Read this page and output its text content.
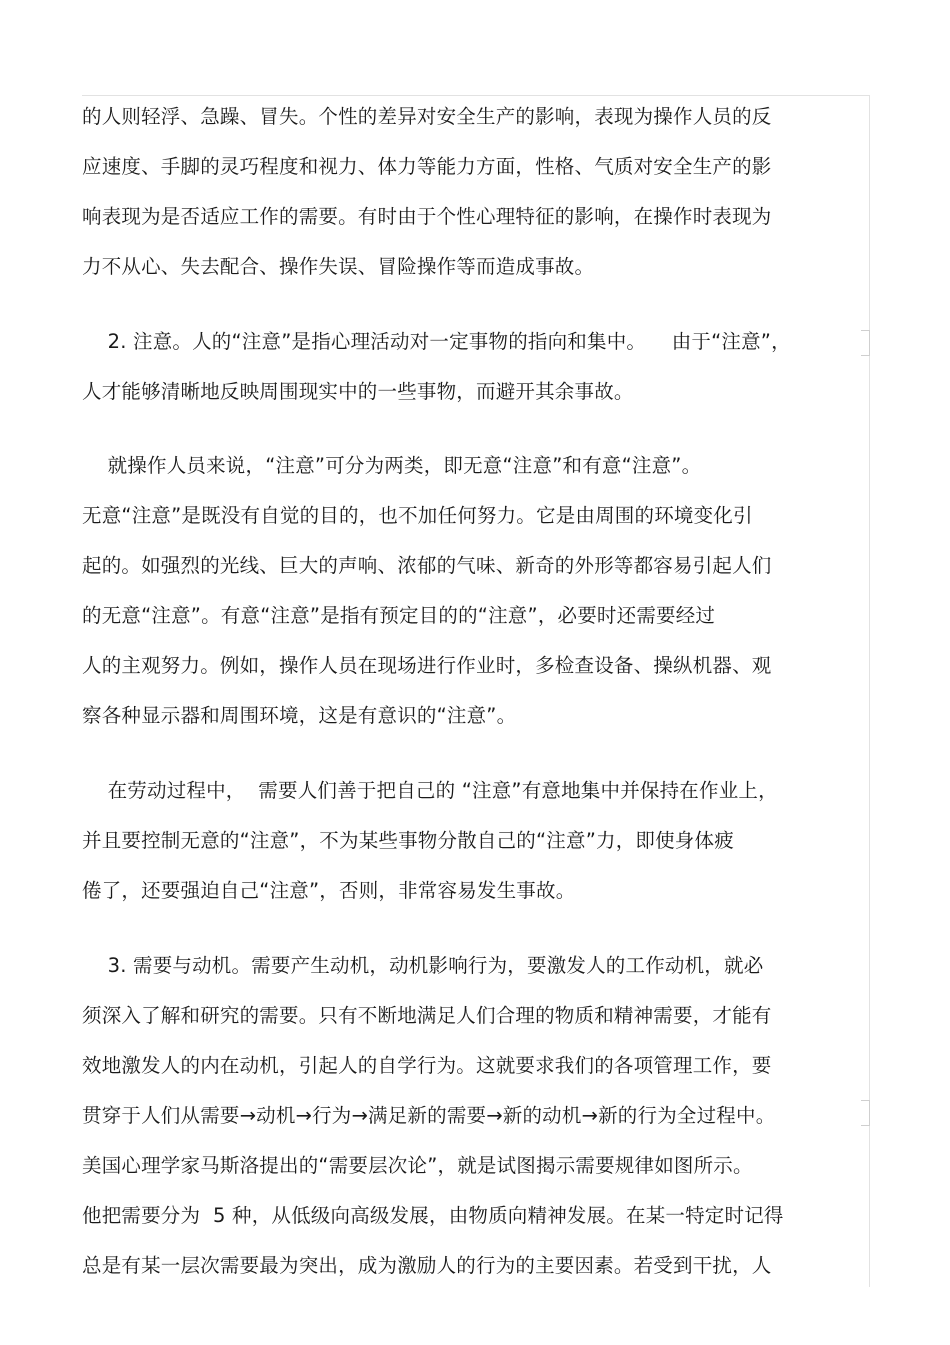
的人则轻浮、急躁、冒失。个性的差异对安全生产的影响，表现为操作人员的反

应速度、手脚的灵巧程度和视力、体力等能力方面，性格、气质对安全生产的影

响表现为是否适应工作的需要。有时由于个性心理特征的影响，在操作时表现为

力不从心、失去配合、操作失误、冒险操作等而造成事故。

2. 注意。人的“注意”是指心理活动对一定事物的指向和集中。    由于“注意”，

人才能够清晰地反映周围现实中的一些事物，而避开其余事故。

就操作人员来说，“注意”可分为两类，即无意“注意”和有意“注意”。

无意“注意”是既没有自觉的目的，也不加任何努力。它是由周围的环境变化引

起的。如强烈的光线、巨大的声响、浓郁的气味、新奇的外形等都容易引起人们

的无意“注意”。有意“注意”是指有预定目的的“注意”，必要时还需要经过

人的主观努力。例如，操作人员在现场进行作业时，多检查设备、操纵机器、观

察各种显示器和周围环境，这是有意识的“注意”。

在劳动过程中，  需要人们善于把自己的 “注意”有意地集中并保持在作业上，

并且要控制无意的“注意”，不为某些事物分散自己的“注意”力，即使身体疲

倦了，还要强迫自己“注意”，否则，非常容易发生事故。

3. 需要与动机。需要产生动机，动机影响行为，要激发人的工作动机，就必

须深入了解和研究的需要。只有不断地满足人们合理的物质和精神需要，才能有

效地激发人的内在动机，引起人的自学行为。这就要求我们的各项管理工作，要

贯穿于人们从需要→动机→行为→满足新的需要→新的动机→新的行为全过程中。

美国心理学家马斯洛提出的“需要层次论”，就是试图揭示需要规律如图所示。

他把需要分为  5 种，从低级向高级发展，由物质向精神发展。在某一特定时记得

总是有某一层次需要最为突出，成为激励人的行为的主要因素。若受到干扰，人
